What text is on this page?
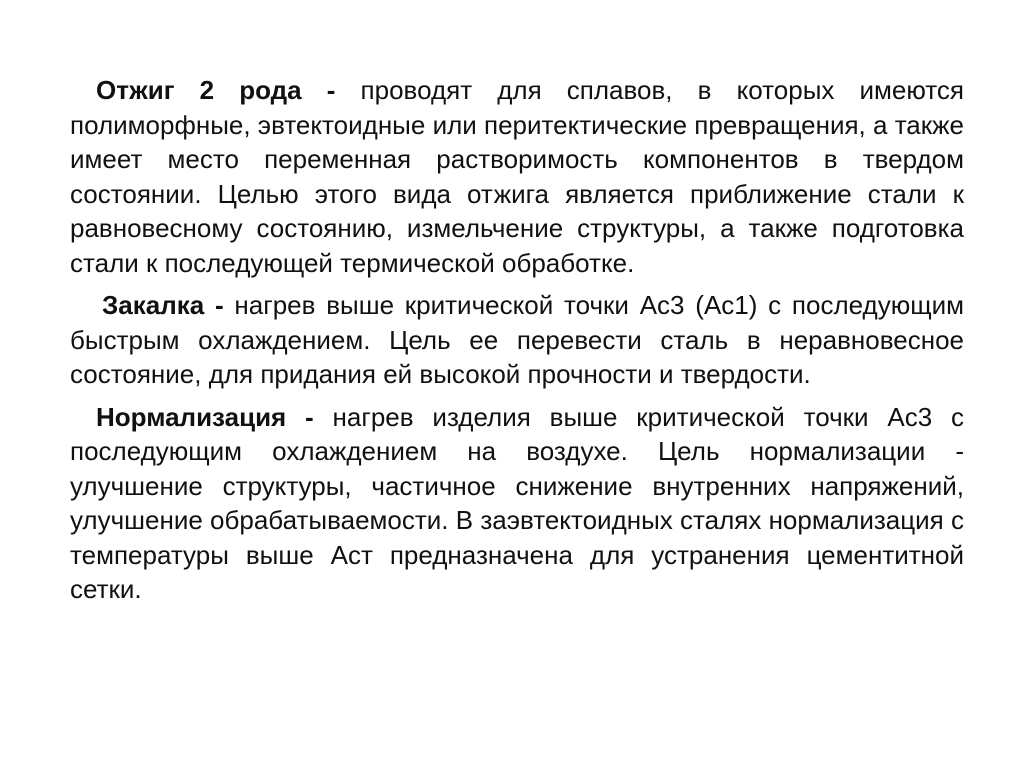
Отжиг 2 рода - проводят для сплавов, в которых имеются полиморфные, эвтектоидные или перитектические превращения, а также имеет место переменная растворимость компонентов в твердом состоянии. Целью этого вида отжига является приближение стали к равновесному состоянию, измельчение структуры, а также подготовка стали к последующей термической обработке.

Закалка - нагрев выше критической точки Ас3 (Ас1) с последующим быстрым охлаждением. Цель ее перевести сталь в неравновесное состояние, для придания ей высокой прочности и твердости.

Нормализация - нагрев изделия выше критической точки Ас3 с последующим охлаждением на воздухе. Цель нормализации - улучшение структуры, частичное снижение внутренних напряжений, улучшение обрабатываемости. В заэвтектоидных сталях нормализация с температуры выше Аст предназначена для устранения цементитной сетки.
